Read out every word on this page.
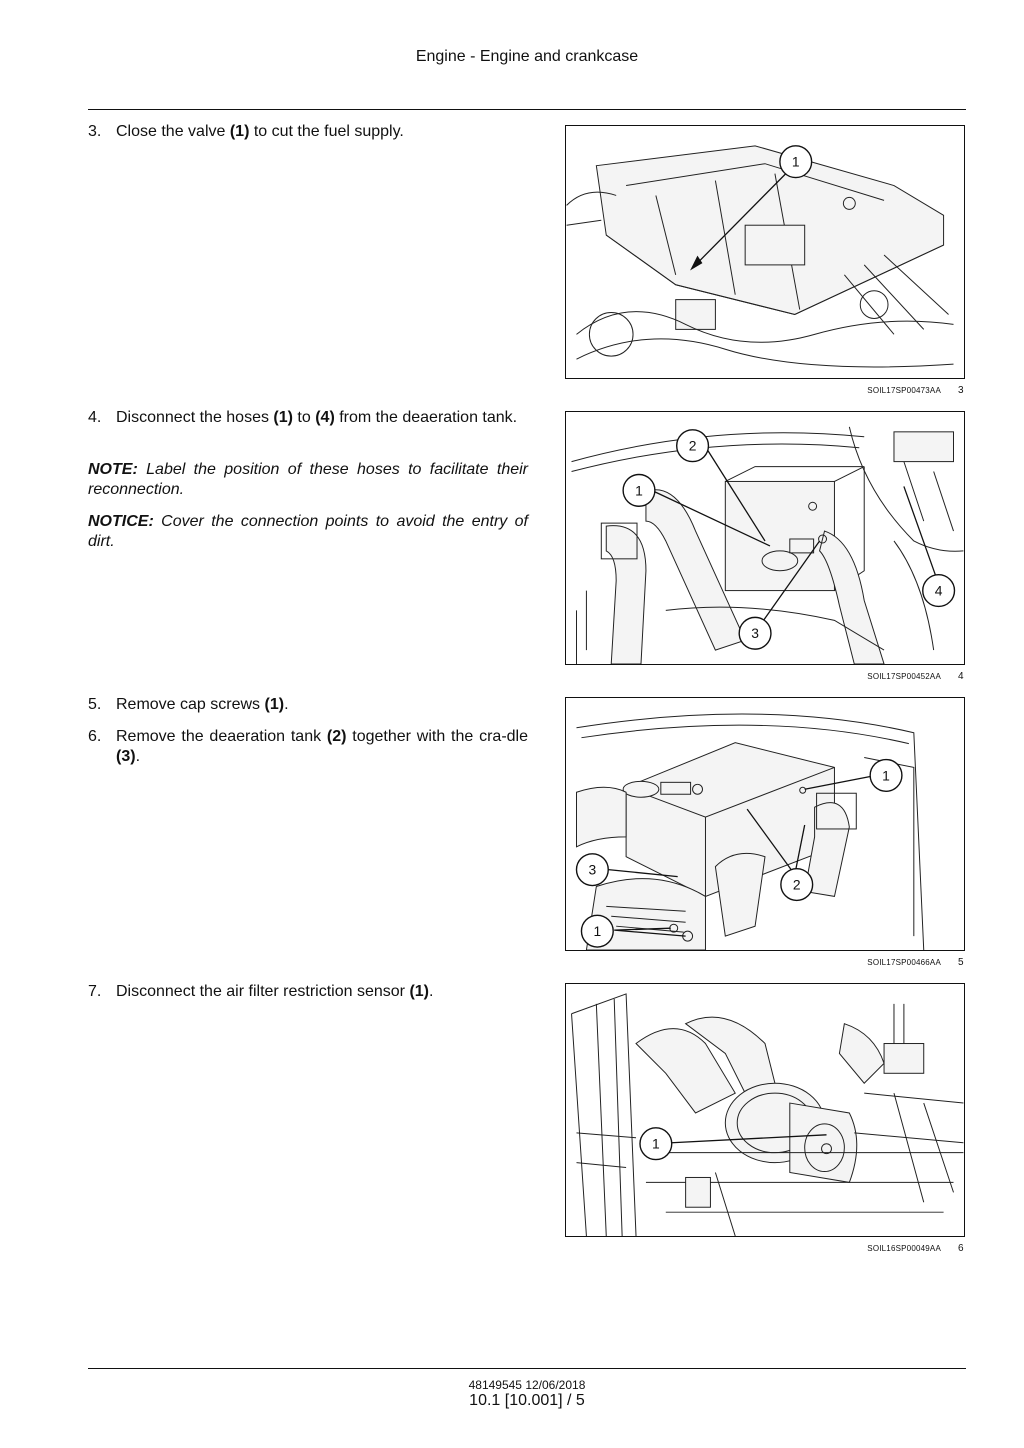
Engine - Engine and crankcase
3. Close the valve (1) to cut the fuel supply.
4. Disconnect the hoses (1) to (4) from the deaeration tank.
NOTE: Label the position of these hoses to facilitate their reconnection.
NOTICE: Cover the connection points to avoid the entry of dirt.
5. Remove cap screws (1).
6. Remove the deaeration tank (2) together with the cra-dle (3).
7. Disconnect the air filter restriction sensor (1).
1
SOIL17SP00473AA 3
2
1
4
3
SOIL17SP00452AA 4
1
3
2
1
SOIL17SP00466AA 5
1
SOIL16SP00049AA 6
48149545 12/06/2018
10.1 [10.001] / 5
